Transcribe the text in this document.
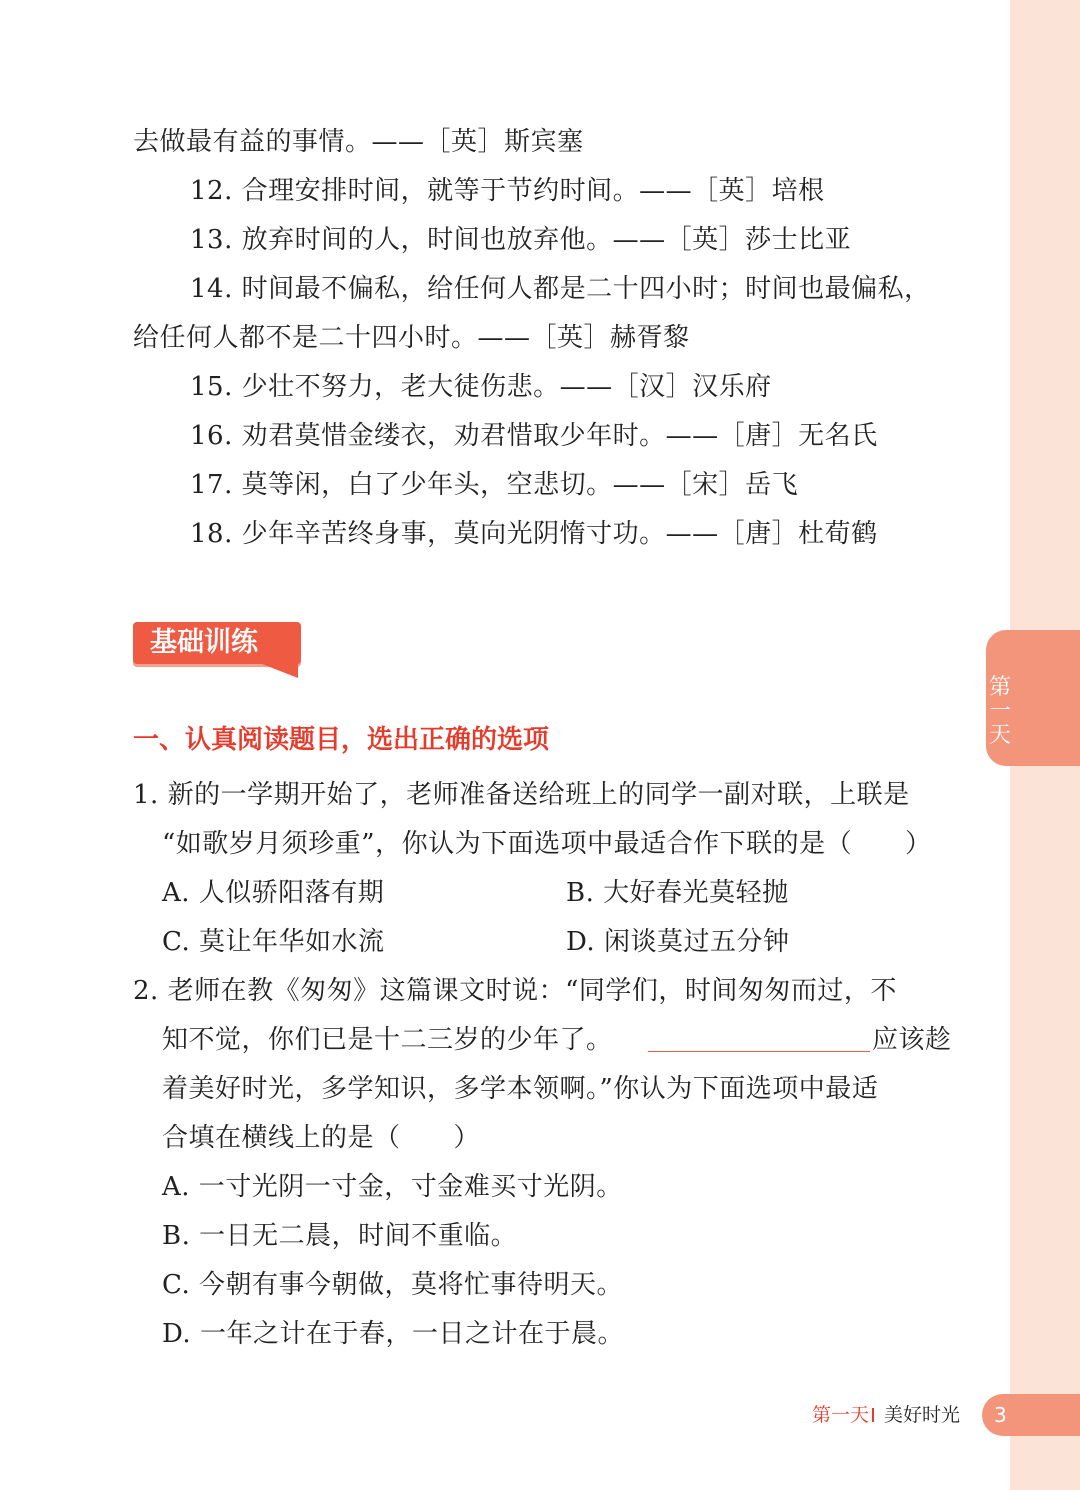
第
一
天
去做最有益的事情。——［英］斯宾塞
12. 合理安排时间，就等于节约时间。——［英］培根
13. 放弃时间的人，时间也放弃他。——［英］莎士比亚
14. 时间最不偏私，给任何人都是二十四小时；时间也最偏私，
给任何人都不是二十四小时。——［英］赫胥黎
15. 少壮不努力，老大徒伤悲。——［汉］汉乐府
16. 劝君莫惜金缕衣，劝君惜取少年时。——［唐］无名氏
17. 莫等闲，白了少年头，空悲切。——［宋］岳飞
18. 少年辛苦终身事，莫向光阴惰寸功。——［唐］杜荀鹤
基础训练
一、认真阅读题目，选出正确的选项
1. 新的一学期开始了，老师准备送给班上的同学一副对联，上联是
“如歌岁月须珍重”，你认为下面选项中最适合作下联的是（　　）
A. 人似骄阳落有期	B. 大好春光莫轻抛
C. 莫让年华如水流	D. 闲谈莫过五分钟
2. 老师在教《匆匆》这篇课文时说：“同学们，时间匆匆而过，不
知不觉，你们已是十二三岁的少年了。	应该趁
着美好时光，多学知识，多学本领啊。”你认为下面选项中最适
合填在横线上的是（　　）
A. 一寸光阴一寸金，寸金难买寸光阴。
B. 一日无二晨，时间不重临。
C. 今朝有事今朝做，莫将忙事待明天。
D. 一年之计在于春，一日之计在于晨。
第一天 美好时光 3
